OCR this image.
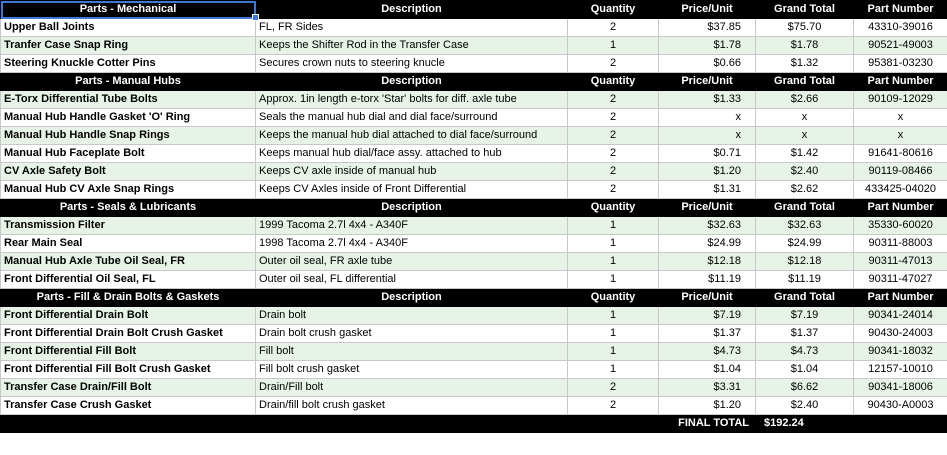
Parts - Mechanical	Description	Quantity	Price/Unit	Grand Total	Part Number
Upper Ball Joints	FL, FR Sides	2	$37.85	$75.70	43310-39016
Tranfer Case Snap Ring	Keeps the Shifter Rod in the Transfer Case	1	$1.78	$1.78	90521-49003
Steering Knuckle Cotter Pins	Secures crown nuts to steering knucle	2	$0.66	$1.32	95381-03230
Parts - Manual Hubs	Description	Quantity	Price/Unit	Grand Total	Part Number
E-Torx Differential Tube Bolts	Approx. 1in length e-torx 'Star' bolts for diff. axle tube	2	$1.33	$2.66	90109-12029
Manual Hub Handle Gasket 'O' Ring	Seals the manual hub dial and dial face/surround	2	x	x	x
Manual Hub Handle Snap Rings	Keeps the manual hub dial attached to dial face/surround	2	x	x	x
Manual Hub Faceplate Bolt	Keeps manual hub dial/face assy. attached to hub	2	$0.71	$1.42	91641-80616
CV Axle Safety Bolt	Keeps CV axle inside of manual hub	2	$1.20	$2.40	90119-08466
Manual Hub CV Axle Snap Rings	Keeps CV Axles inside of Front Differential	2	$1.31	$2.62	433425-04020
Parts - Seals & Lubricants	Description	Quantity	Price/Unit	Grand Total	Part Number
Transmission Filter	1999 Tacoma 2.7l 4x4 - A340F	1	$32.63	$32.63	35330-60020
Rear Main Seal	1998 Tacoma 2.7l 4x4 - A340F	1	$24.99	$24.99	90311-88003
Manual Hub Axle Tube Oil Seal, FR	Outer oil seal, FR axle tube	1	$12.18	$12.18	90311-47013
Front Differential Oil Seal, FL	Outer oil seal, FL differential	1	$11.19	$11.19	90311-47027
Parts - Fill & Drain Bolts & Gaskets	Description	Quantity	Price/Unit	Grand Total	Part Number
Front Differential Drain Bolt	Drain bolt	1	$7.19	$7.19	90341-24014
Front Differential Drain Bolt Crush Gasket	Drain bolt crush gasket	1	$1.37	$1.37	90430-24003
Front Differential Fill Bolt	Fill bolt	1	$4.73	$4.73	90341-18032
Front Differential Fill Bolt Crush Gasket	Fill bolt crush gasket	1	$1.04	$1.04	12157-10010
Transfer Case Drain/Fill Bolt	Drain/Fill bolt	2	$3.31	$6.62	90341-18006
Transfer Case Crush Gasket	Drain/fill bolt crush gasket	2	$1.20	$2.40	90430-A0003
			FINAL TOTAL	$192.24	
